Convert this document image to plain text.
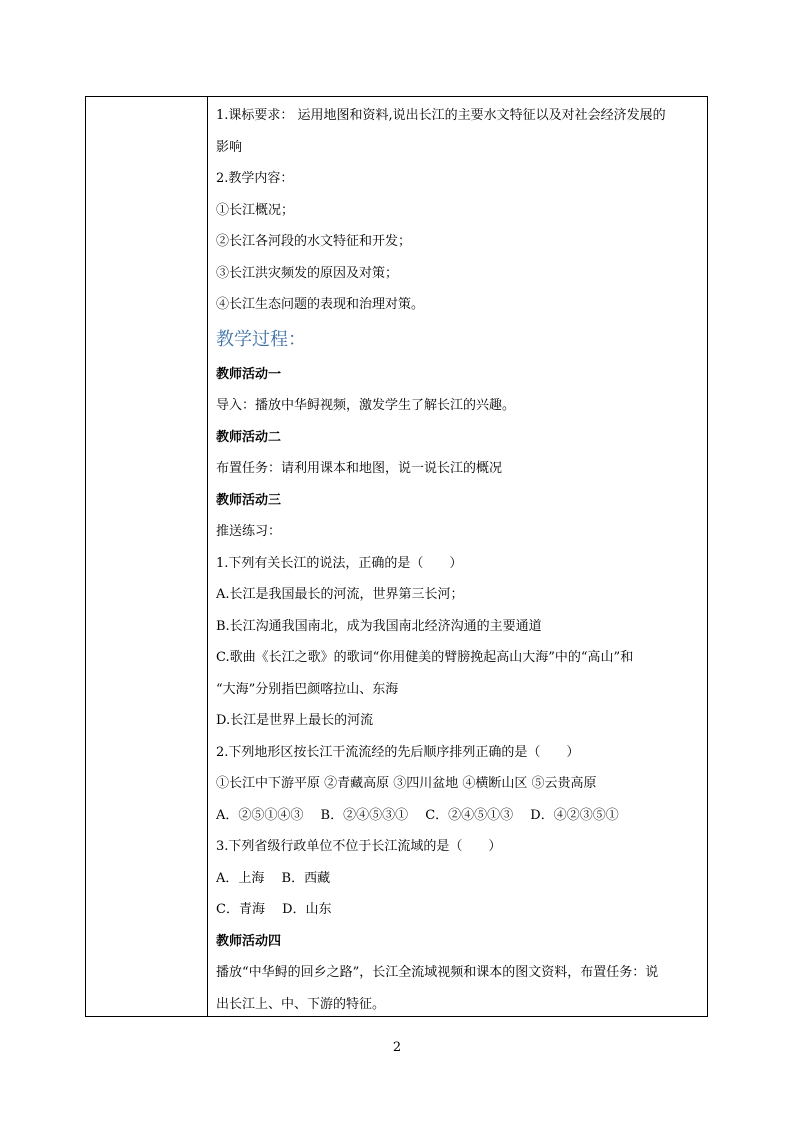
1.课标要求： 运用地图和资料,说出长江的主要水文特征以及对社会经济发展的
影响
2.教学内容：
①长江概况；
②长江各河段的水文特征和开发；
③长江洪灾频发的原因及对策；
④长江生态问题的表现和治理对策。
教学过程：
教师活动一
导入：播放中华鲟视频，激发学生了解长江的兴趣。
教师活动二
布置任务：请利用课本和地图，说一说长江的概况
教师活动三
推送练习：
1.下列有关长江的说法，正确的是（　　）
A.长江是我国最长的河流，世界第三长河；
B.长江沟通我国南北，成为我国南北经济沟通的主要通道
C.歌曲《长江之歌》的歌词“你用健美的臂膀挽起高山大海”中的“高山”和
“大海”分别指巴颜喀拉山、东海
D.长江是世界上最长的河流
2.下列地形区按长江干流流经的先后顺序排列正确的是（　　）
①长江中下游平原 ②青藏高原 ③四川盆地 ④横断山区 ⑤云贵高原
A．②⑤①④③　 B．②④⑤③①　 C．②④⑤①③　 D．④②③⑤①
3.下列省级行政单位不位于长江流域的是（　　）
A．上海　 B．西藏
C．青海　 D．山东
教师活动四
播放“中华鲟的回乡之路”，长江全流域视频和课本的图文资料，布置任务：说
出长江上、中、下游的特征。
2
